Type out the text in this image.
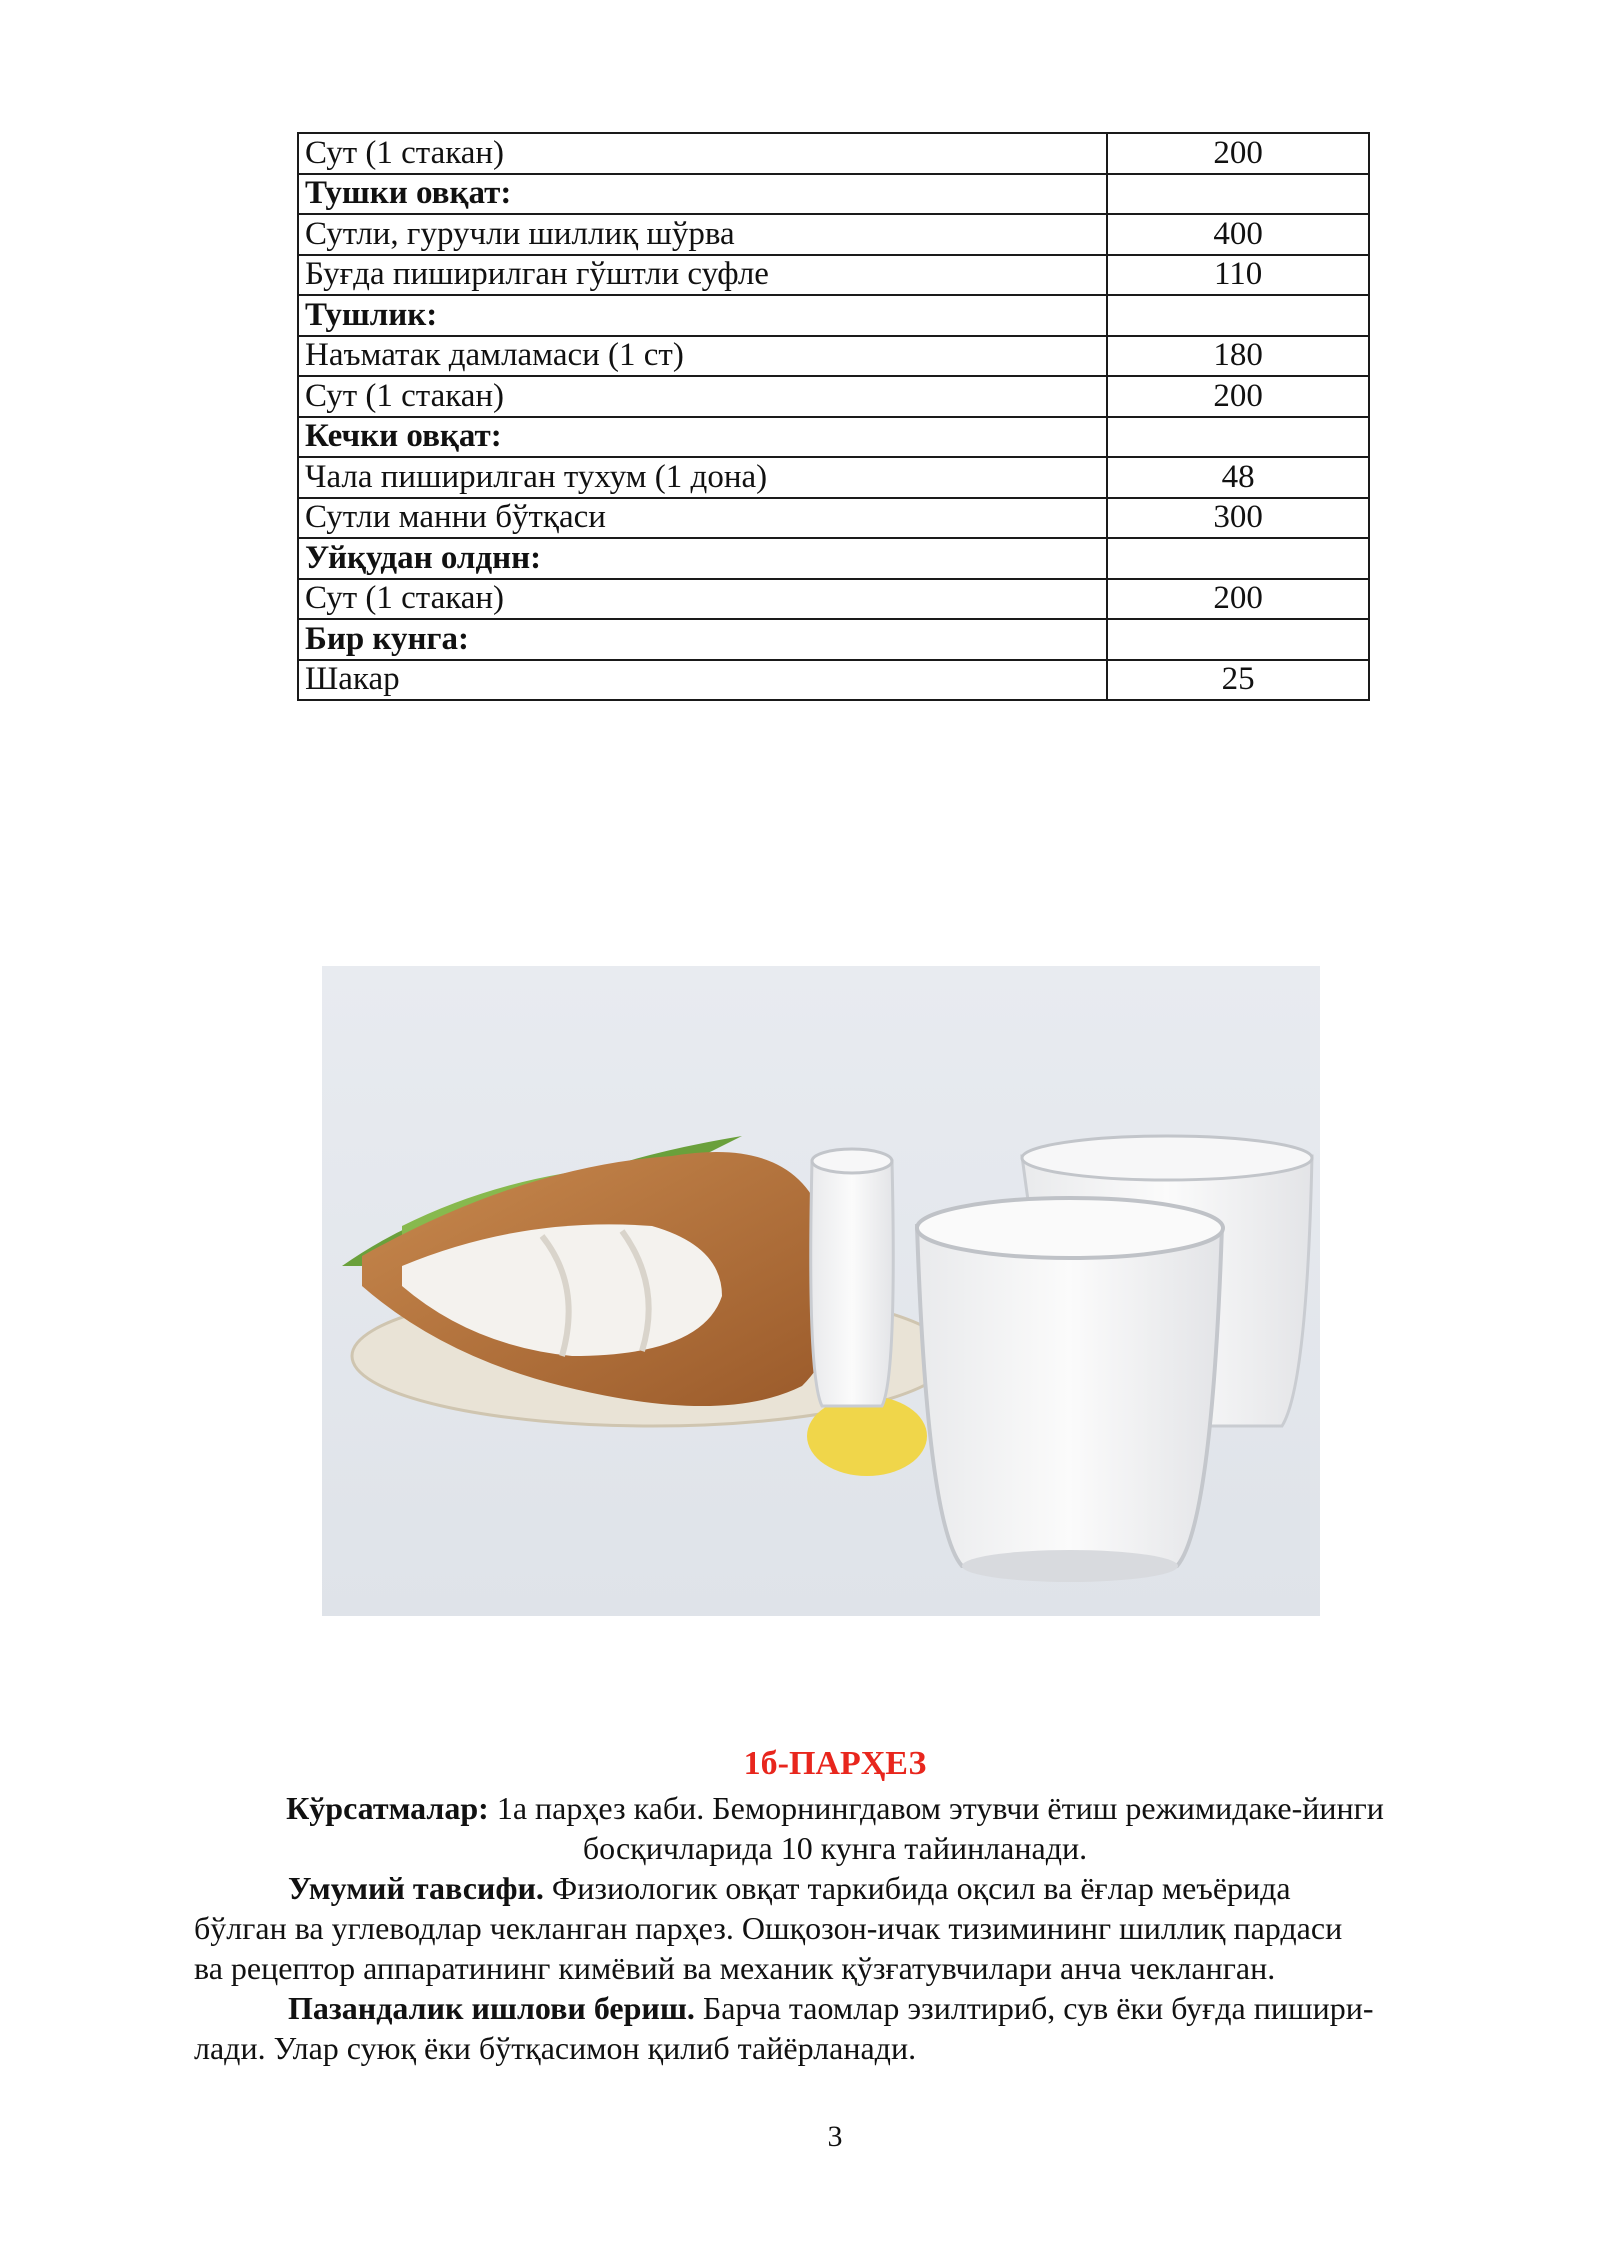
Сут (1 стакан)	200
Тушки овқат:	
Сутли, гуручли шиллиқ шўрва	400
Буғда пиширилган гўштли суфле	110
Тушлик:	
Наъматак дамламаси (1 ст)	180
Сут (1 стакан)	200
Кечки овқат:	
Чала пиширилган тухум (1 дона)	48
Сутли манни бўтқаси	300
Уйқудан олднн:	
Сут (1 стакан)	200
Бир кунга:	
Шакар	25
1б-ПАРҲЕЗ
Кўрсатмалар: 1а парҳез каби. Беморнингдавом этувчи ётиш режимидаке-йинги
босқичларида 10 кунга тайинланади.
Умумий тавсифи. Физиологик овқат таркибида оқсил ва ёғлар меъёрида
бўлган ва углеводлар чекланган парҳез. Ошқозон-ичак тизимининг шиллиқ пардаси
ва рецептор аппаратининг кимёвий ва механик қўзғатувчилари анча чекланган.
Пазандалик ишлови бериш. Барча таомлар эзилтириб, сув ёки буғда пишири-
лади. Улар суюқ ёки бўтқасимон қилиб тайёрланади.
3
